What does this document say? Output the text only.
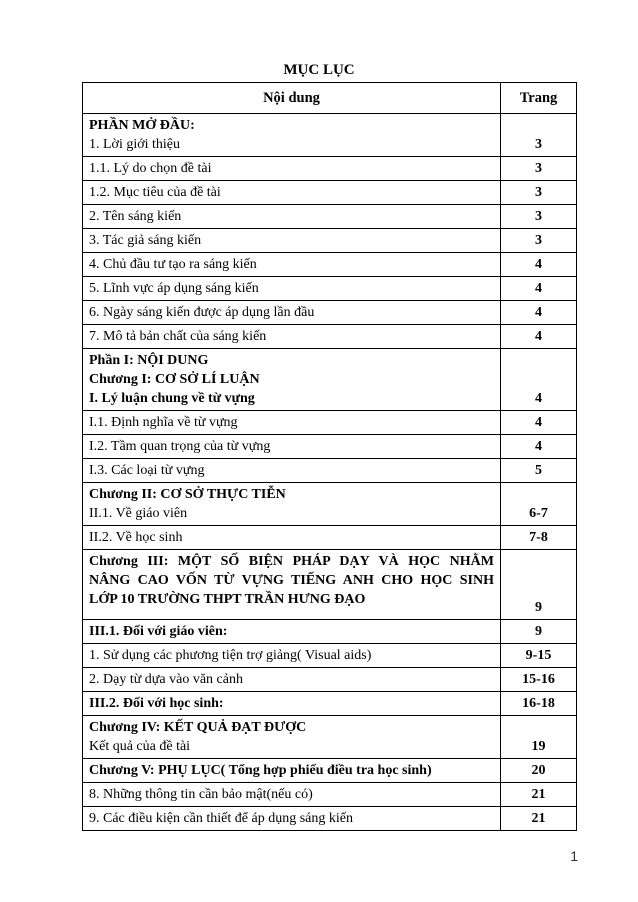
MỤC LỤC
Nội dung	Trang

PHẦN MỞ ĐẦU:
1. Lời giới thiệu	3

1.1. Lý do chọn đề tài	3

1.2. Mục tiêu của đề tài	3

2. Tên sáng kiến	3

3. Tác giả sáng kiến	3

4. Chủ đầu tư tạo ra sáng kiến	4

5. Lĩnh vực áp dụng sáng kiến	4

6. Ngày sáng kiến được áp dụng lần đầu	4

7. Mô tả bản chất của sáng kiến	4

Phần I: NỘI DUNG
Chương I: CƠ SỞ LÍ LUẬN
I. Lý luận chung về từ vựng	4

I.1. Định nghĩa về từ vựng	4

I.2. Tầm quan trọng của từ vựng	4

I.3. Các loại từ vựng	5

Chương II: CƠ SỞ THỰC TIỄN
II.1. Về giáo viên	6-7

II.2. Về học sinh	7-8

Chương III: MỘT SỐ BIỆN PHÁP DẠY VÀ HỌC NHẰM
NÂNG CAO VỐN TỪ VỰNG TIẾNG ANH CHO HỌC SINH
LỚP 10 TRƯỜNG THPT TRẦN HƯNG ĐẠO	9

III.1. Đối với giáo viên:	9

1. Sử dụng các phương tiện trợ giảng( Visual aids)	9-15

2. Dạy từ dựa vào văn cảnh	15-16

III.2. Đối với học sinh:	16-18

Chương IV: KẾT QUẢ ĐẠT ĐƯỢC
Kết quả của đề tài	19

Chương V: PHỤ LỤC( Tổng hợp phiếu điều tra học sinh)	20

8. Những thông tin cần bảo mật(nếu có)	21

9. Các điều kiện cần thiết để áp dụng sáng kiến	21
1
